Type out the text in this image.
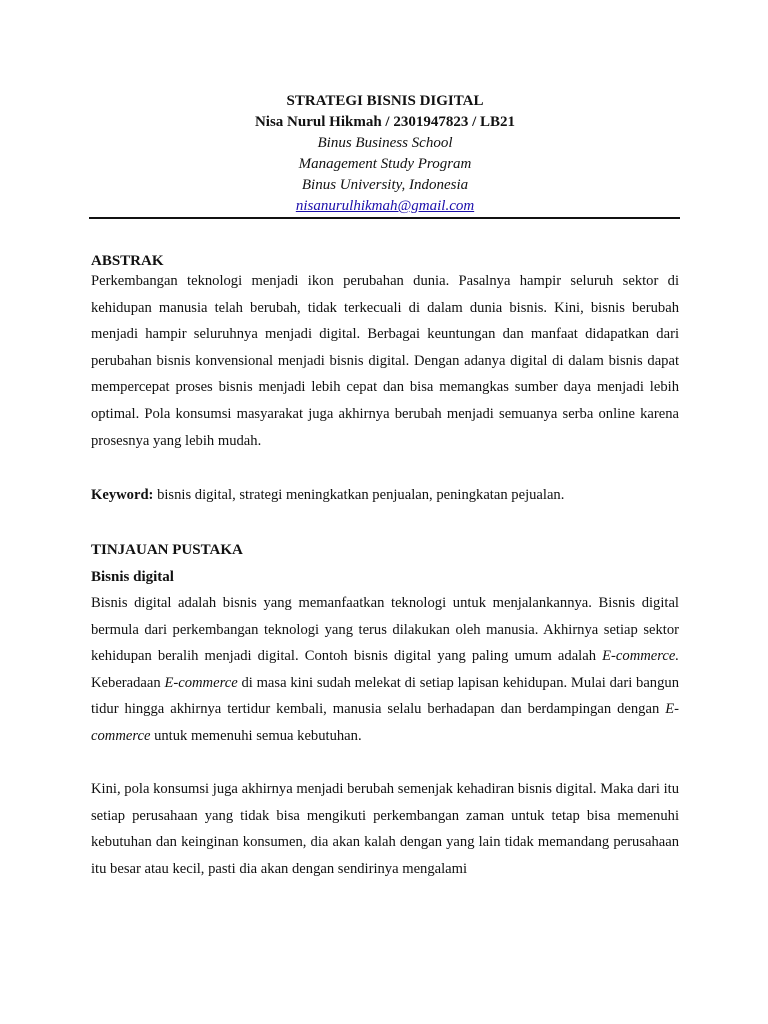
STRATEGI BISNIS DIGITAL
Nisa Nurul Hikmah / 2301947823 / LB21
Binus Business School
Management Study Program
Binus University, Indonesia
nisanurulhikmah@gmail.com
ABSTRAK

Perkembangan teknologi menjadi ikon perubahan dunia. Pasalnya hampir seluruh sektor di kehidupan manusia telah berubah, tidak terkecuali di dalam dunia bisnis. Kini, bisnis berubah menjadi hampir seluruhnya menjadi digital. Berbagai keuntungan dan manfaat didapatkan dari perubahan bisnis konvensional menjadi bisnis digital. Dengan adanya digital di dalam bisnis dapat mempercepat proses bisnis menjadi lebih cepat dan bisa memangkas sumber daya menjadi lebih optimal. Pola konsumsi masyarakat juga akhirnya berubah menjadi semuanya serba online karena prosesnya yang lebih mudah.

Keyword: bisnis digital, strategi meningkatkan penjualan, peningkatan pejualan.

TINJAUAN PUSTAKA
Bisnis digital

Bisnis digital adalah bisnis yang memanfaatkan teknologi untuk menjalankannya. Bisnis digital bermula dari perkembangan teknologi yang terus dilakukan oleh manusia. Akhirnya setiap sektor kehidupan beralih menjadi digital. Contoh bisnis digital yang paling umum adalah E-commerce. Keberadaan E-commerce di masa kini sudah melekat di setiap lapisan kehidupan. Mulai dari bangun tidur hingga akhirnya tertidur kembali, manusia selalu berhadapan dan berdampingan dengan E-commerce untuk memenuhi semua kebutuhan.

Kini, pola konsumsi juga akhirnya menjadi berubah semenjak kehadiran bisnis digital. Maka dari itu setiap perusahaan yang tidak bisa mengikuti perkembangan zaman untuk tetap bisa memenuhi kebutuhan dan keinginan konsumen, dia akan kalah dengan yang lain tidak memandang perusahaan itu besar atau kecil, pasti dia akan dengan sendirinya mengalami
